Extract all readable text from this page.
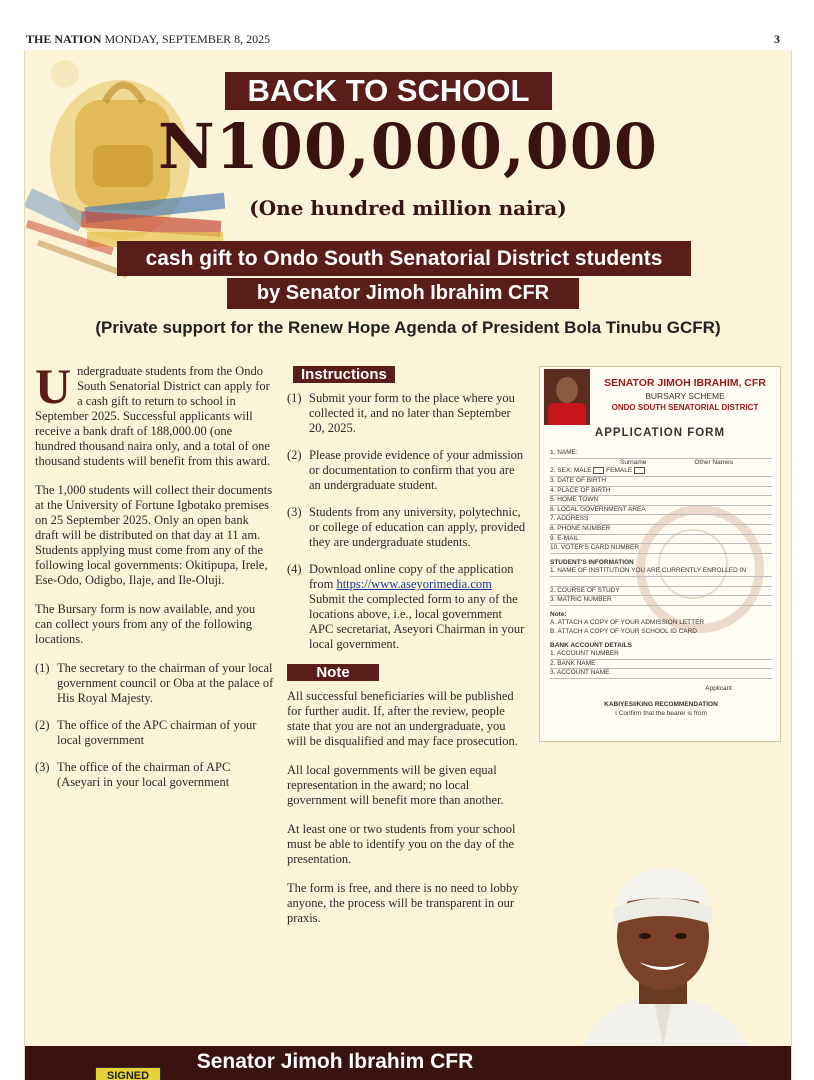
THE NATION MONDAY, SEPTEMBER 8, 2025	3
BACK TO SCHOOL
N100,000,000
(One hundred million naira)
cash gift to Ondo South Senatorial District students
by Senator Jimoh Ibrahim CFR
(Private support for the Renew Hope Agenda of President Bola Tinubu GCFR)

Undergraduate students from the Ondo South Senatorial District can apply for a cash gift to return to school in September 2025. Successful applicants will receive a bank draft of 188,000.00 (one hundred thousand naira only, and a total of one thousand students will benefit from this award.

The 1,000 students will collect their documents at the University of Fortune Igbotako premises on 25 September 2025. Only an open bank draft will be distributed on that day at 11 am. Students applying must come from any of the following local governments: Okitipupa, Irele, Ese-Odo, Odigbo, Ilaje, and Ile-Oluji.

The Bursary form is now available, and you can collect yours from any of the following locations.

(1) The secretary to the chairman of your local government council or Oba at the palace of His Royal Majesty.
(2) The office of the APC chairman of your local government
(3) The office of the chairman of APC (Aseyari in your local government
Instructions
(1) Submit your form to the place where you collected it, and no later than September 20, 2025.
(2) Please provide evidence of your admission or documentation to confirm that you are an undergraduate student.
(3) Students from any university, polytechnic, or college of education can apply, provided they are undergraduate students.
(4) Download online copy of the application from https://www.aseyorimedia.com Submit the complected form to any of the locations above, i.e., local government APC secretariat, Aseyori Chairman in your local government.
Note

All successful beneficiaries will be published for further audit. If, after the review, people state that you are not an undergraduate, you will be disqualified and may face prosecution.

All local governments will be given equal representation in the award; no local government will benefit more than another.

At least one or two students from your school must be able to identify you on the day of the presentation.

The form is free, and there is no need to lobby anyone, the process will be transparent in our praxis.

SENATOR JIMOH IBRAHIM, CFR
BURSARY SCHEME
ONDO SOUTH SENATORIAL DISTRICT
APPLICATION FORM
1. NAME:
Surname	Other Names
2. SEX: MALE FEMALE
3. DATE OF BIRTH
4. PLACE OF BIRTH
5. HOME TOWN
6. LOCAL GOVERNMENT AREA
7. ADDRESS
8. PHONE NUMBER
9. E-MAIL
10. VOTER'S CARD NUMBER
STUDENT'S INFORMATION
1. NAME OF INSTITUTION YOU ARE CURRENTLY ENROLLED IN

2. COURSE OF STUDY
3. MATRIC NUMBER
Note:
A. ATTACH A COPY OF YOUR ADMISSION LETTER
B. ATTACH A COPY OF YOUR SCHOOL ID CARD
BANK ACCOUNT DETAILS
1. ACCOUNT NUMBER
2. BANK NAME
3. ACCOUNT NAME
Applicant
KABIYESI/KING RECOMMENDATION
I Confirm that the bearer is from
Senator Jimoh Ibrahim CFR
SIGNED
